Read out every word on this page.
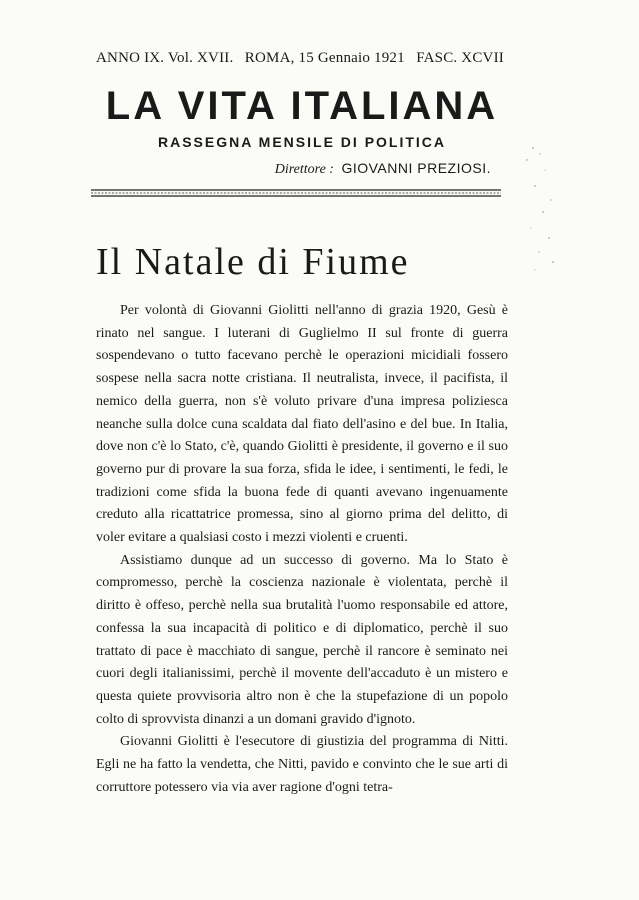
ANNO IX. Vol. XVII. ROMA, 15 Gennaio 1921 FASC. XCVII
LA VITA ITALIANA
RASSEGNA MENSILE DI POLITICA
Direttore : GIOVANNI PREZIOSI.
Il Natale di Fiume

Per volontà di Giovanni Giolitti nell'anno di grazia 1920, Gesù è rinato nel sangue. I luterani di Guglielmo II sul fronte di guerra sospendevano o tutto facevano perchè le operazioni micidiali fossero sospese nella sacra notte cristiana. Il neutralista, invece, il pacifista, il nemico della guerra, non s'è voluto privare d'una impresa poliziesca neanche sulla dolce cuna scaldata dal fiato dell'asino e del bue. In Italia, dove non c'è lo Stato, c'è, quando Giolitti è presidente, il governo e il suo governo pur di provare la sua forza, sfida le idee, i sentimenti, le fedi, le tradizioni come sfida la buona fede di quanti avevano ingenuamente creduto alla ricattatrice promessa, sino al giorno prima del delitto, di voler evitare a qualsiasi costo i mezzi violenti e cruenti.

Assistiamo dunque ad un successo di governo. Ma lo Stato è compromesso, perchè la coscienza nazionale è violentata, perchè il diritto è offeso, perchè nella sua brutalità l'uomo responsabile ed attore, confessa la sua incapacità di politico e di diplomatico, perchè il suo trattato di pace è macchiato di sangue, perchè il rancore è seminato nei cuori degli italianissimi, perchè il movente dell'accaduto è un mistero e questa quiete provvisoria altro non è che la stupefazione di un popolo colto di sprovvista dinanzi a un domani gravido d'ignoto.

Giovanni Giolitti è l'esecutore di giustizia del programma di Nitti. Egli ne ha fatto la vendetta, che Nitti, pavido e convinto che le sue arti di corruttore potessero via via aver ragione d'ogni tetra-
